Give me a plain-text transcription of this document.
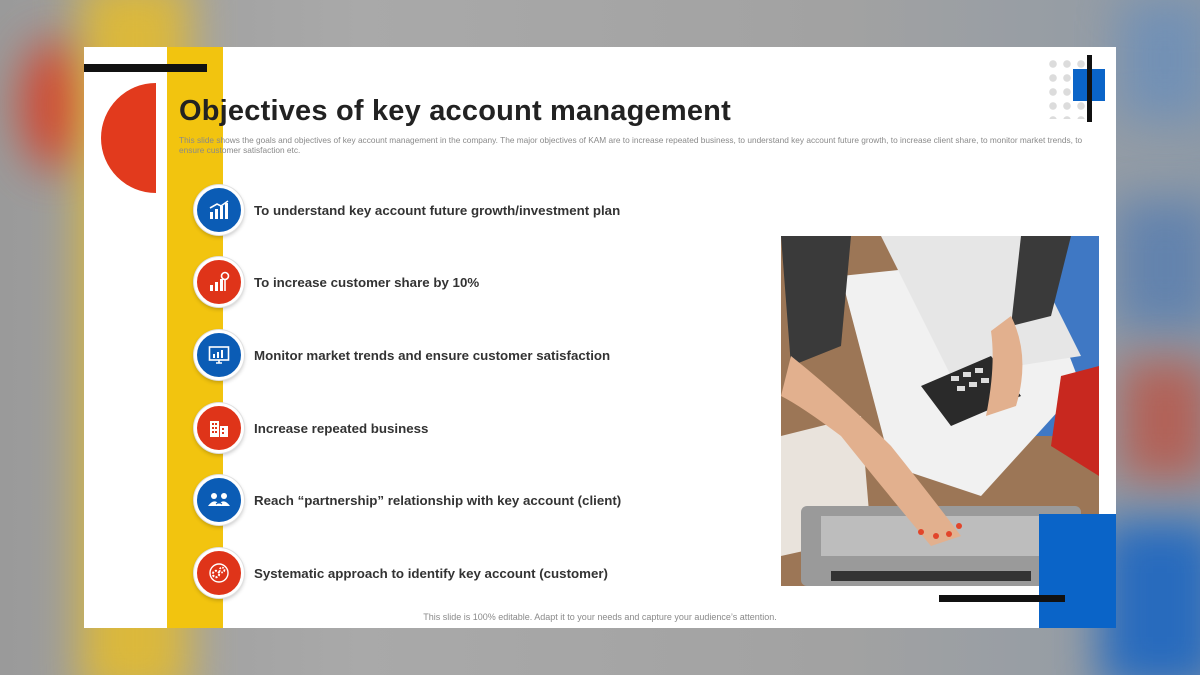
Objectives of key account management

This slide shows the goals and objectives of key account management in the company. The major objectives of KAM are to increase repeated business, to understand key account future growth, to increase client share, to monitor market trends, to ensure customer satisfaction etc.

To understand key account future growth/investment plan
To increase customer share by 10%
Monitor market trends and ensure customer satisfaction
Increase repeated business
Reach “partnership” relationship with key account (client)
Systematic approach to identify key account (customer)

This slide is 100% editable. Adapt it to your needs and capture your audience’s attention.
